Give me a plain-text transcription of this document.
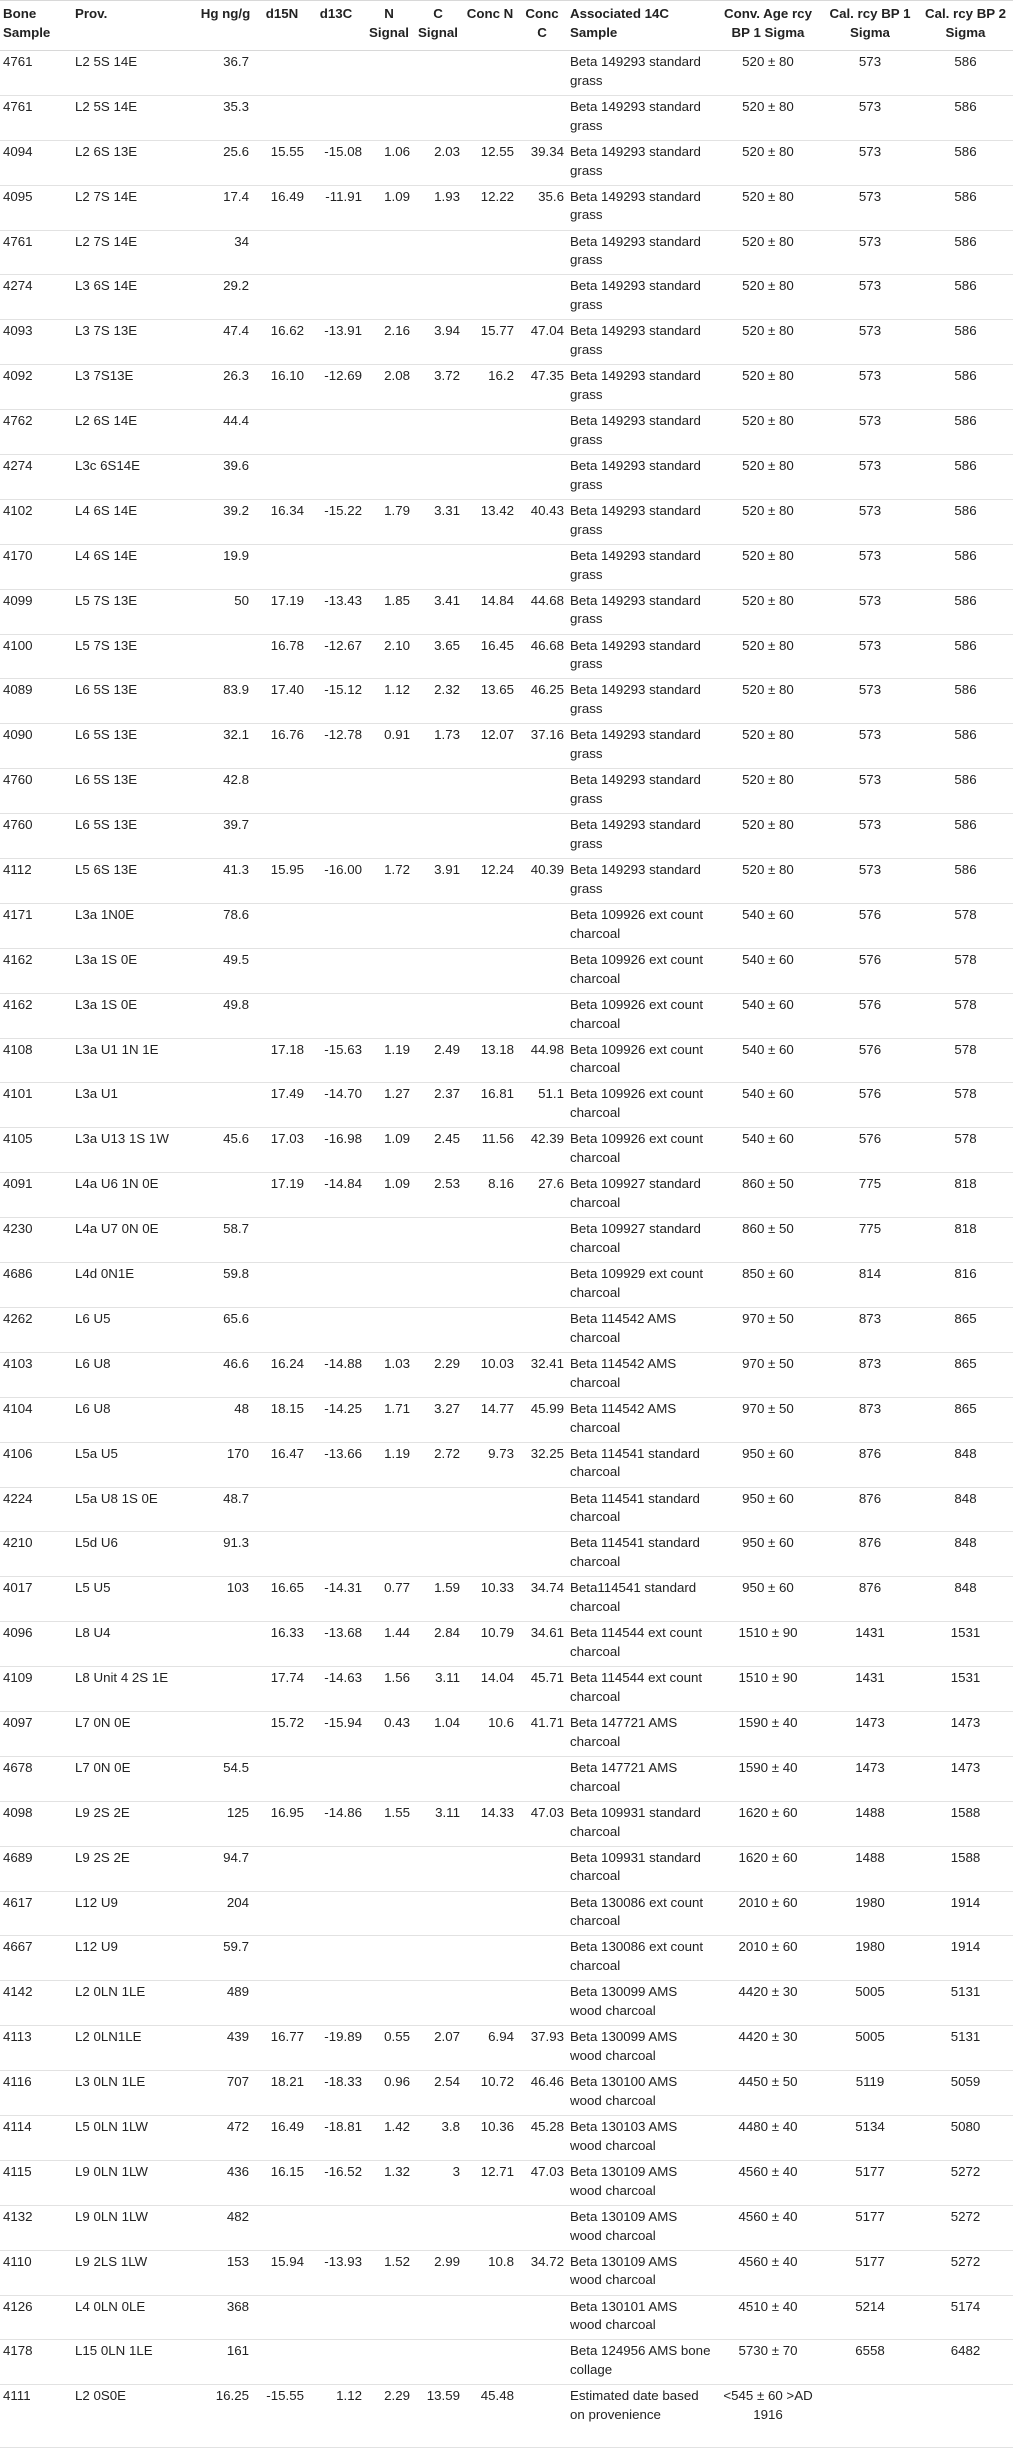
Bone Sample	Prov.	Hg ng/g	d15N	d13C	N Signal	C Signal	Conc N	Conc C	Associated 14C Sample	Conv. Age rcy BP 1 Sigma	Cal. rcy BP 1 Sigma	Cal. rcy BP 2 Sigma
4761	L2 5S 14E	36.7							Beta 149293 standard grass	520 ± 80	573	586
4761	L2 5S 14E	35.3							Beta 149293 standard grass	520 ± 80	573	586
4094	L2 6S 13E	25.6	15.55	-15.08	1.06	2.03	12.55	39.34	Beta 149293 standard grass	520 ± 80	573	586
4095	L2 7S 14E	17.4	16.49	-11.91	1.09	1.93	12.22	35.6	Beta 149293 standard grass	520 ± 80	573	586
4761	L2 7S 14E	34							Beta 149293 standard grass	520 ± 80	573	586
4274	L3 6S 14E	29.2							Beta 149293 standard grass	520 ± 80	573	586
4093	L3 7S 13E	47.4	16.62	-13.91	2.16	3.94	15.77	47.04	Beta 149293 standard grass	520 ± 80	573	586
4092	L3 7S13E	26.3	16.10	-12.69	2.08	3.72	16.2	47.35	Beta 149293 standard grass	520 ± 80	573	586
4762	L2 6S 14E	44.4							Beta 149293 standard grass	520 ± 80	573	586
4274	L3c 6S14E	39.6							Beta 149293 standard grass	520 ± 80	573	586
4102	L4 6S 14E	39.2	16.34	-15.22	1.79	3.31	13.42	40.43	Beta 149293 standard grass	520 ± 80	573	586
4170	L4 6S 14E	19.9							Beta 149293 standard grass	520 ± 80	573	586
4099	L5 7S 13E	50	17.19	-13.43	1.85	3.41	14.84	44.68	Beta 149293 standard grass	520 ± 80	573	586
4100	L5 7S 13E		16.78	-12.67	2.10	3.65	16.45	46.68	Beta 149293 standard grass	520 ± 80	573	586
4089	L6 5S 13E	83.9	17.40	-15.12	1.12	2.32	13.65	46.25	Beta 149293 standard grass	520 ± 80	573	586
4090	L6 5S 13E	32.1	16.76	-12.78	0.91	1.73	12.07	37.16	Beta 149293 standard grass	520 ± 80	573	586
4760	L6 5S 13E	42.8							Beta 149293 standard grass	520 ± 80	573	586
4760	L6 5S 13E	39.7							Beta 149293 standard grass	520 ± 80	573	586
4112	L5 6S 13E	41.3	15.95	-16.00	1.72	3.91	12.24	40.39	Beta 149293 standard grass	520 ± 80	573	586
4171	L3a 1N0E	78.6							Beta 109926 ext count charcoal	540 ± 60	576	578
4162	L3a 1S 0E	49.5							Beta 109926 ext count charcoal	540 ± 60	576	578
4162	L3a 1S 0E	49.8							Beta 109926 ext count charcoal	540 ± 60	576	578
4108	L3a U1 1N 1E		17.18	-15.63	1.19	2.49	13.18	44.98	Beta 109926 ext count charcoal	540 ± 60	576	578
4101	L3a U1		17.49	-14.70	1.27	2.37	16.81	51.1	Beta 109926 ext count charcoal	540 ± 60	576	578
4105	L3a U13 1S 1W	45.6	17.03	-16.98	1.09	2.45	11.56	42.39	Beta 109926 ext count charcoal	540 ± 60	576	578
4091	L4a U6 1N 0E		17.19	-14.84	1.09	2.53	8.16	27.6	Beta 109927 standard charcoal	860 ± 50	775	818
4230	L4a U7 0N 0E	58.7							Beta 109927 standard charcoal	860 ± 50	775	818
4686	L4d 0N1E	59.8							Beta 109929 ext count charcoal	850 ± 60	814	816
4262	L6 U5	65.6							Beta 114542 AMS charcoal	970 ± 50	873	865
4103	L6 U8	46.6	16.24	-14.88	1.03	2.29	10.03	32.41	Beta 114542 AMS charcoal	970 ± 50	873	865
4104	L6 U8	48	18.15	-14.25	1.71	3.27	14.77	45.99	Beta 114542 AMS charcoal	970 ± 50	873	865
4106	L5a U5	170	16.47	-13.66	1.19	2.72	9.73	32.25	Beta 114541 standard charcoal	950 ± 60	876	848
4224	L5a U8 1S 0E	48.7							Beta 114541 standard charcoal	950 ± 60	876	848
4210	L5d U6	91.3							Beta 114541 standard charcoal	950 ± 60	876	848
4017	L5 U5	103	16.65	-14.31	0.77	1.59	10.33	34.74	Beta114541 standard charcoal	950 ± 60	876	848
4096	L8 U4		16.33	-13.68	1.44	2.84	10.79	34.61	Beta 114544 ext count charcoal	1510 ± 90	1431	1531
4109	L8 Unit 4 2S 1E		17.74	-14.63	1.56	3.11	14.04	45.71	Beta 114544 ext count charcoal	1510 ± 90	1431	1531
4097	L7 0N 0E		15.72	-15.94	0.43	1.04	10.6	41.71	Beta 147721 AMS charcoal	1590 ± 40	1473	1473
4678	L7 0N 0E	54.5							Beta 147721 AMS charcoal	1590 ± 40	1473	1473
4098	L9 2S 2E	125	16.95	-14.86	1.55	3.11	14.33	47.03	Beta 109931 standard charcoal	1620 ± 60	1488	1588
4689	L9 2S 2E	94.7							Beta 109931 standard charcoal	1620 ± 60	1488	1588
4617	L12 U9	204							Beta 130086 ext count charcoal	2010 ± 60	1980	1914
4667	L12 U9	59.7							Beta 130086 ext count charcoal	2010 ± 60	1980	1914
4142	L2 0LN 1LE	489							Beta 130099 AMS wood charcoal	4420 ± 30	5005	5131
4113	L2 0LN1LE	439	16.77	-19.89	0.55	2.07	6.94	37.93	Beta 130099 AMS wood charcoal	4420 ± 30	5005	5131
4116	L3 0LN 1LE	707	18.21	-18.33	0.96	2.54	10.72	46.46	Beta 130100 AMS wood charcoal	4450 ± 50	5119	5059
4114	L5 0LN 1LW	472	16.49	-18.81	1.42	3.8	10.36	45.28	Beta 130103 AMS wood charcoal	4480 ± 40	5134	5080
4115	L9 0LN 1LW	436	16.15	-16.52	1.32	3	12.71	47.03	Beta 130109 AMS wood charcoal	4560 ± 40	5177	5272
4132	L9 0LN 1LW	482							Beta 130109 AMS wood charcoal	4560 ± 40	5177	5272
4110	L9 2LS 1LW	153	15.94	-13.93	1.52	2.99	10.8	34.72	Beta 130109 AMS wood charcoal	4560 ± 40	5177	5272
4126	L4 0LN 0LE	368							Beta 130101 AMS wood charcoal	4510 ± 40	5214	5174
4178	L15 0LN 1LE	161							Beta 124956 AMS bone collage	5730 ± 70	6558	6482
4111	L2 0S0E	16.25	-15.55	1.12	2.29	13.59	45.48		Estimated date based on provenience	<545 ± 60 >AD 1916		
